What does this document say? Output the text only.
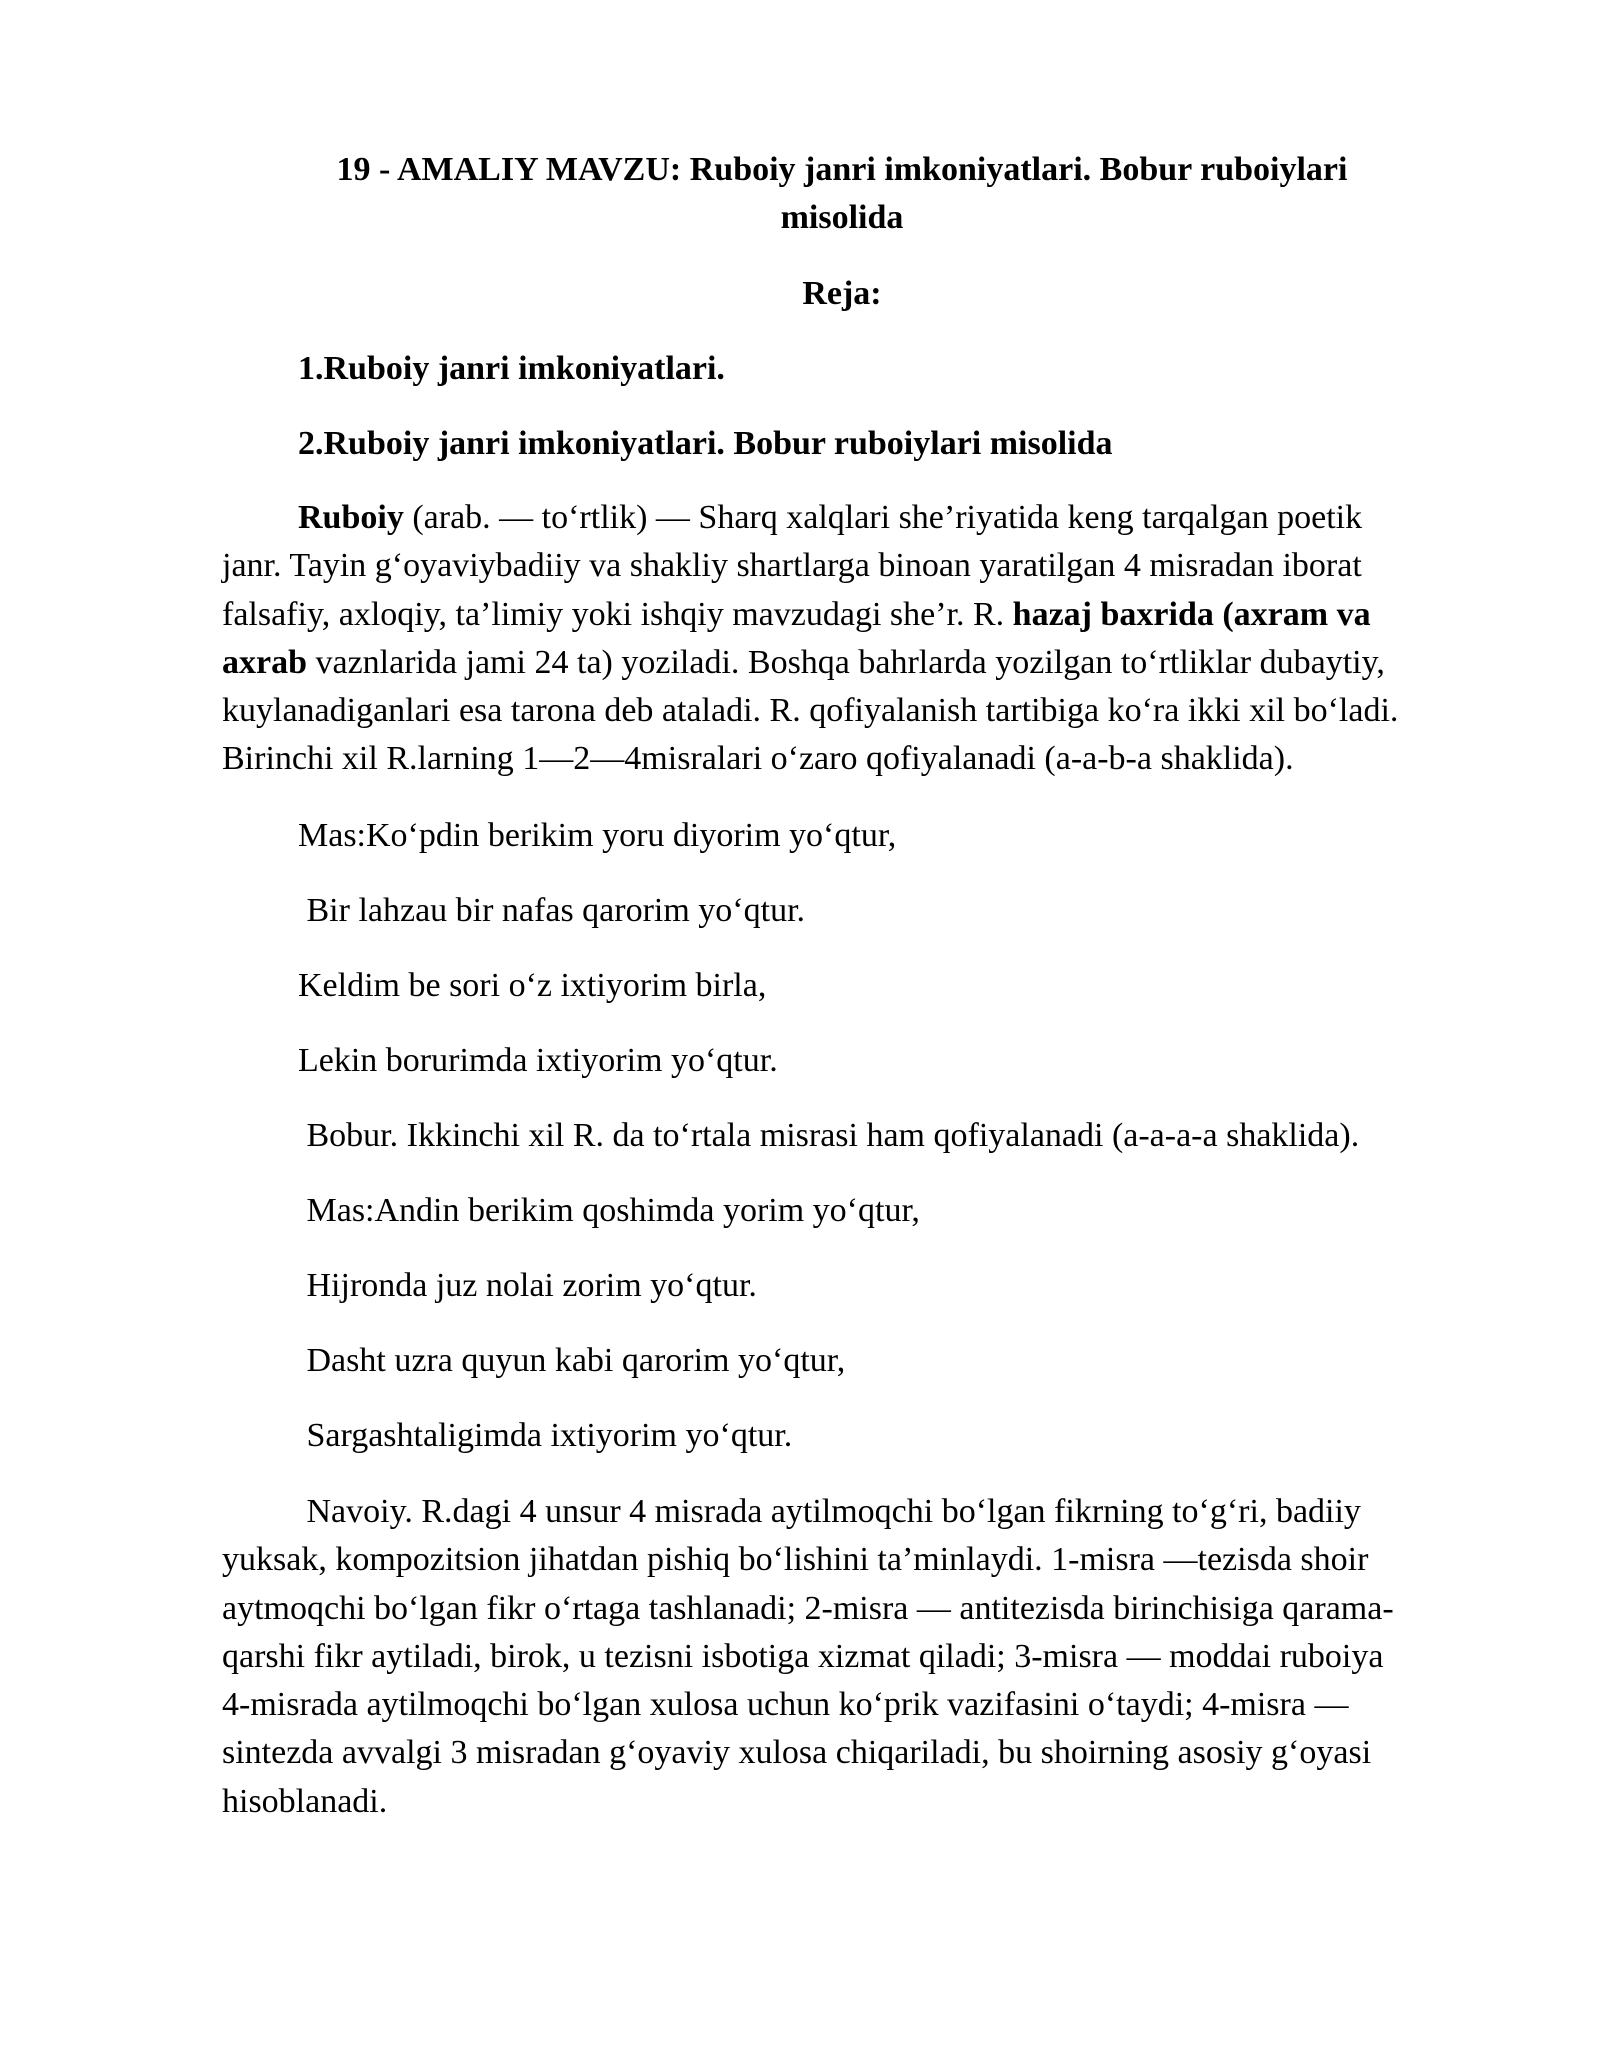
19 - AMALIY MAVZU: Ruboiy janri imkoniyatlari. Bobur ruboiylari
misolida
Reja:
1.Ruboiy janri imkoniyatlari.
2.Ruboiy janri imkoniyatlari. Bobur ruboiylari misolida
Ruboiy (arab. — to‘rtlik) — Sharq xalqlari she’riyatida keng tarqalgan poetik
janr. Tayin g‘oyaviybadiiy va shakliy shartlarga binoan yaratilgan 4 misradan iborat
falsafiy, axloqiy, ta’limiy yoki ishqiy mavzudagi she’r. R. hazaj baxrida (axram va
axrab vaznlarida jami 24 ta) yoziladi. Boshqa bahrlarda yozilgan to‘rtliklar dubaytiy,
kuylanadiganlari esa tarona deb ataladi. R. qofiyalanish tartibiga ko‘ra ikki xil bo‘ladi.
Birinchi xil R.larning 1—2—4misralari o‘zaro qofiyalanadi (a-a-b-a shaklida).
Mas:Ko‘pdin berikim yoru diyorim yo‘qtur,
Bir lahzau bir nafas qarorim yo‘qtur.
Keldim be sori o‘z ixtiyorim birla,
Lekin borurimda ixtiyorim yo‘qtur.
Bobur. Ikkinchi xil R. da to‘rtala misrasi ham qofiyalanadi (a-a-a-a shaklida).
Mas:Andin berikim qoshimda yorim yo‘qtur,
Hijronda juz nolai zorim yo‘qtur.
Dasht uzra quyun kabi qarorim yo‘qtur,
Sargashtaligimda ixtiyorim yo‘qtur.
Navoiy. R.dagi 4 unsur 4 misrada aytilmoqchi bo‘lgan fikrning to‘g‘ri, badiiy
yuksak, kompozitsion jihatdan pishiq bo‘lishini ta’minlaydi. 1-misra —tezisda shoir
aytmoqchi bo‘lgan fikr o‘rtaga tashlanadi; 2-misra — antitezisda birinchisiga qarama-
qarshi fikr aytiladi, birok, u tezisni isbotiga xizmat qiladi; 3-misra — moddai ruboiya
4-misrada aytilmoqchi bo‘lgan xulosa uchun ko‘prik vazifasini o‘taydi; 4-misra —
sintezda avvalgi 3 misradan g‘oyaviy xulosa chiqariladi, bu shoirning asosiy g‘oyasi
hisoblanadi.
